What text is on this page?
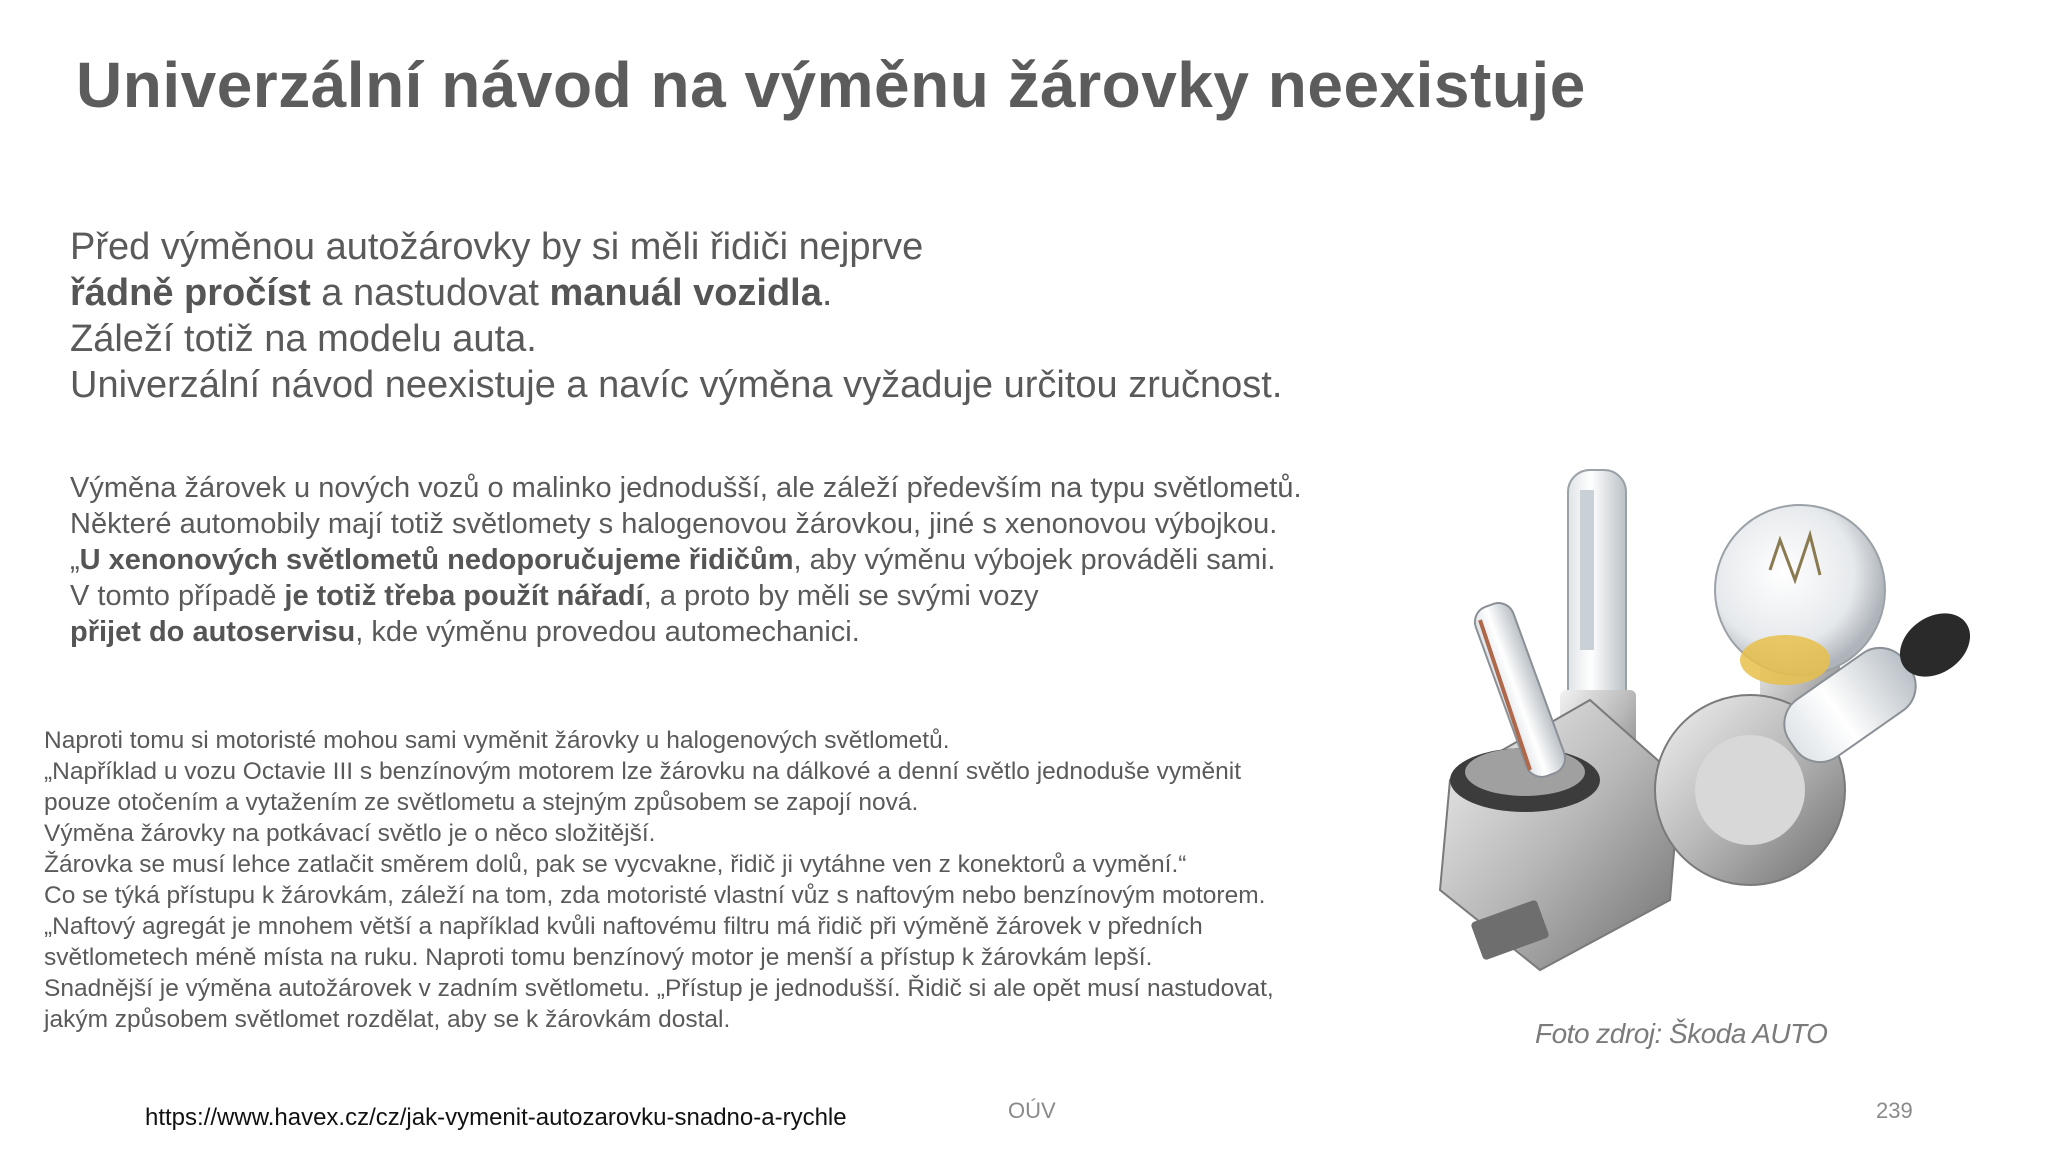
Univerzální návod na výměnu žárovky neexistuje
Před výměnou autožárovky by si měli řidiči nejprve
řádně pročíst a nastudovat manuál vozidla.
Záleží totiž na modelu auta.
Univerzální návod neexistuje a navíc výměna vyžaduje určitou zručnost.
Výměna žárovek u nových vozů o malinko jednodušší, ale záleží především na typu světlometů.
Některé automobily mají totiž světlomety s halogenovou žárovkou, jiné s xenonovou výbojkou.
„U xenonových světlometů nedoporučujeme řidičům, aby výměnu výbojek prováděli sami.
V tomto případě je totiž třeba použít nářadí, a proto by měli se svými vozy
přijet do autoservisu, kde výměnu provedou automechanici.
Naproti tomu si motoristé mohou sami vyměnit žárovky u halogenových světlometů.
„Například u vozu Octavie III s benzínovým motorem lze žárovku na dálkové a denní světlo jednoduše vyměnit
pouze otočením a vytažením ze světlometu a stejným způsobem se zapojí nová.
Výměna žárovky na potkávací světlo je o něco složitější.
Žárovka se musí lehce zatlačit směrem dolů, pak se vycvakne, řidič ji vytáhne ven z konektorů a vymění.“
Co se týká přístupu k žárovkám, záleží na tom, zda motoristé vlastní vůz s naftovým nebo benzínovým motorem.
„Naftový agregát je mnohem větší a například kvůli naftovému filtru má řidič při výměně žárovek v předních
světlometech méně místa na ruku. Naproti tomu benzínový motor je menší a přístup k žárovkám lepší.
Snadnější je výměna autožárovek v zadním světlometu. „Přístup je jednodušší. Řidič si ale opět musí nastudovat,
jakým způsobem světlomet rozdělat, aby se k žárovkám dostal.	Foto zdroj: Škoda AUTO
https://www.havex.cz/cz/jak-vymenit-autozarovku-snadno-a-rychle	OÚV	239
